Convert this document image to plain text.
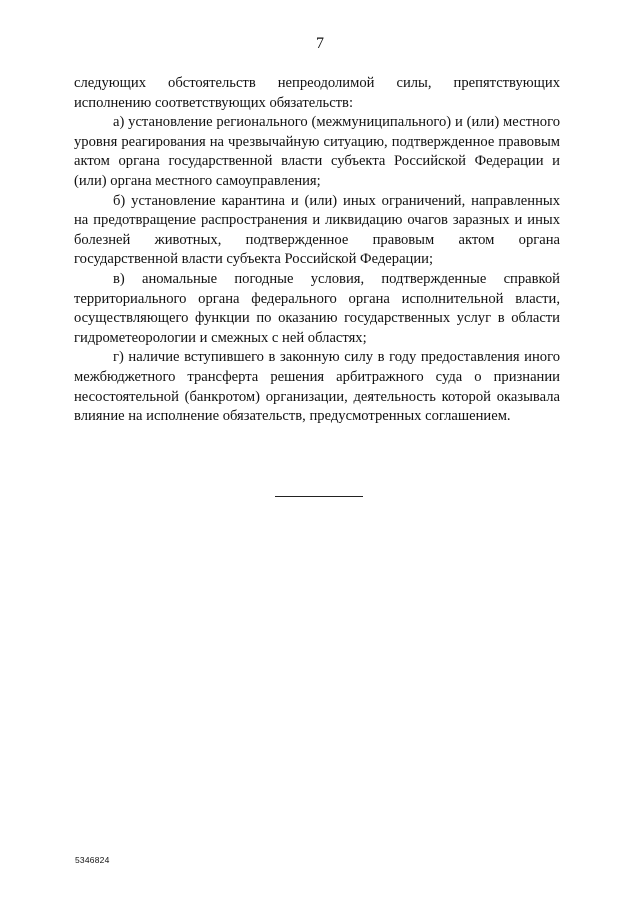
7

следующих обстоятельств непреодолимой силы, препятствующих исполнению соответствующих обязательств:

а) установление регионального (межмуниципального) и (или) местного уровня реагирования на чрезвычайную ситуацию, подтвержденное правовым актом органа государственной власти субъекта Российской Федерации и (или) органа местного самоуправления;

б) установление карантина и (или) иных ограничений, направленных на предотвращение распространения и ликвидацию очагов заразных и иных болезней животных, подтвержденное правовым актом органа государственной власти субъекта Российской Федерации;

в) аномальные погодные условия, подтвержденные справкой территориального органа федерального органа исполнительной власти, осуществляющего функции по оказанию государственных услуг в области гидрометеорологии и смежных с ней областях;

г) наличие вступившего в законную силу в году предоставления иного межбюджетного трансферта решения арбитражного суда о признании несостоятельной (банкротом) организации, деятельность которой оказывала влияние на исполнение обязательств, предусмотренных соглашением.

5346824
